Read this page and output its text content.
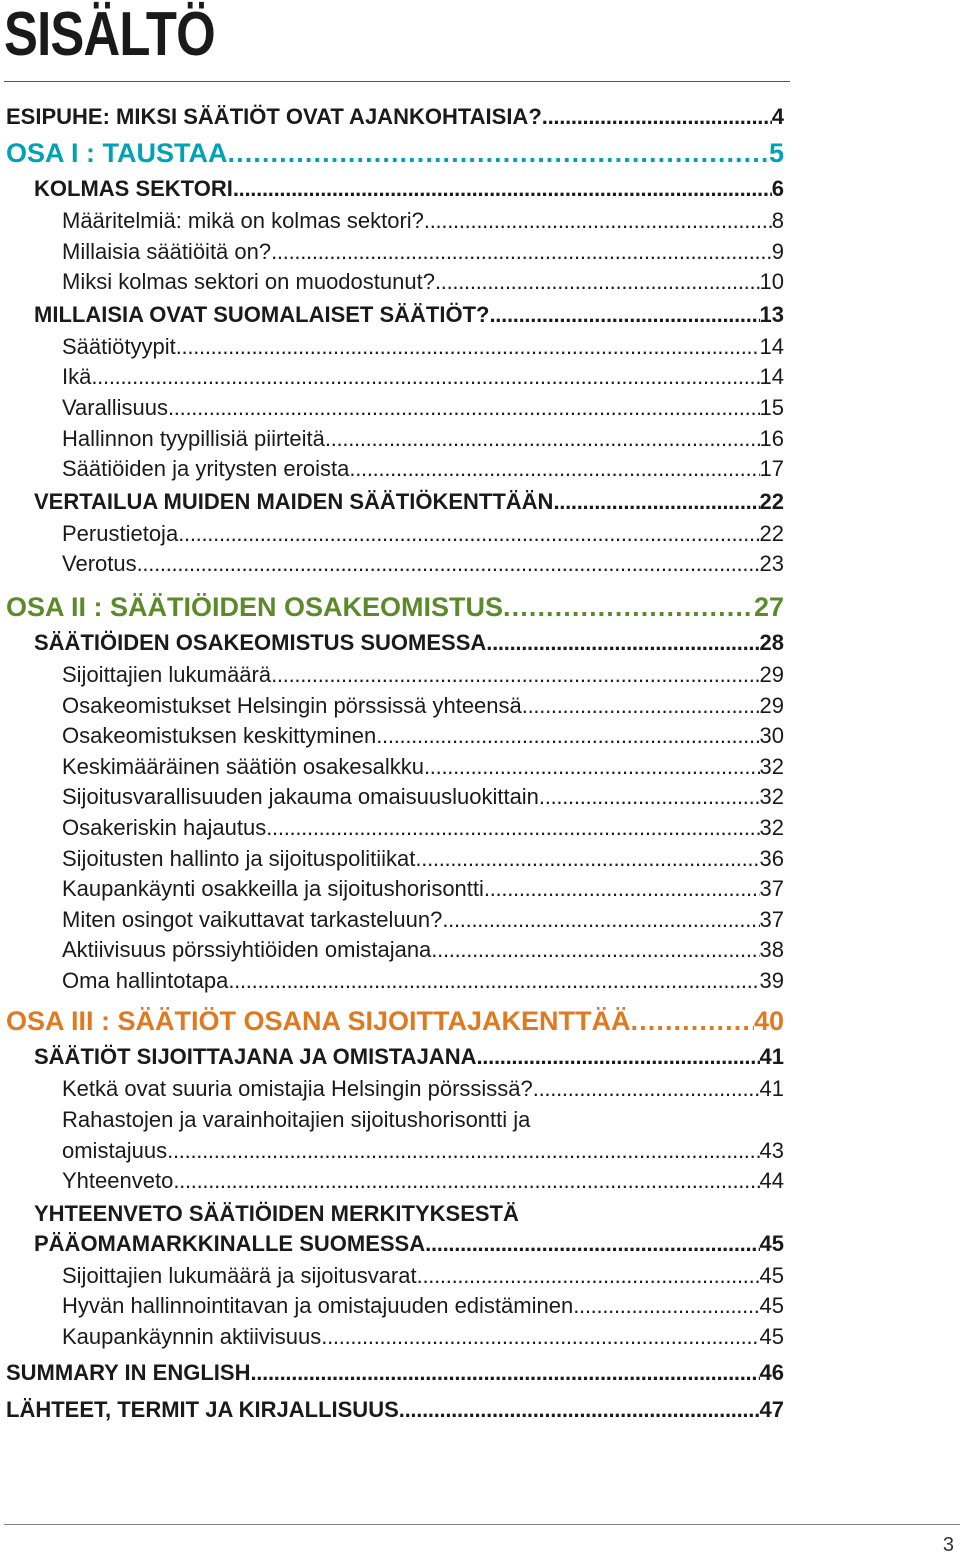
SISÄLTÖ
ESIPUHE: MIKSI SÄÄTIÖT OVAT AJANKOHTAISIA? . . .	4
OSA I : TAUSTAA . . .	5
KOLMAS SEKTORI . . .	6
Määritelmiä: mikä on kolmas sektori? . . .	8
Millaisia säätiöitä on? . . .	9
Miksi kolmas sektori on muodostunut? . . .	10
MILLAISIA OVAT SUOMALAISET SÄÄTIÖT? . . .	13
Säätiötyypit . . .	14
Ikä . . .	14
Varallisuus . . .	15
Hallinnon tyypillisiä piirteitä . . .	16
Säätiöiden ja yritysten eroista . . .	17
VERTAILUA MUIDEN MAIDEN SÄÄTIÖKENTTÄÄN . . .	22
Perustietoja . . .	22
Verotus . . .	23
OSA II : SÄÄTIÖIDEN OSAKEOMISTUS . . .	27
SÄÄTIÖIDEN OSAKEOMISTUS SUOMESSA . . .	28
Sijoittajien lukumäärä . . .	29
Osakeomistukset Helsingin pörssissä yhteensä . . .	29
Osakeomistuksen keskittyminen . . .	30
Keskimääräinen säätiön osakesalkku . . .	32
Sijoitusvarallisuuden jakauma omaisuusluokittain . . .	32
Osakeriskin hajautus . . .	32
Sijoitusten hallinto ja sijoituspolitiikat . . .	36
Kaupankäynti osakkeilla ja sijoitushorisontti . . .	37
Miten osingot vaikuttavat tarkasteluun? . . .	37
Aktiivisuus pörssiyhtiöiden omistajana . . .	38
Oma hallintotapa . . .	39
OSA III : SÄÄTIÖT OSANA SIJOITTAJAKENTTÄÄ . . .	40
SÄÄTIÖT SIJOITTAJANA JA OMISTAJANA . . .	41
Ketkä ovat suuria omistajia Helsingin pörssissä? . . .	41
Rahastojen ja varainhoitajien sijoitushorisontti ja
omistajuus . . .	43
Yhteenveto . . .	44
YHTEENVETO SÄÄTIÖIDEN MERKITYKSESTÄ
PÄÄOMAMARKKINALLE SUOMESSA . . .	45
Sijoittajien lukumäärä ja sijoitusvarat . . .	45
Hyvän hallinnointitavan ja omistajuuden edistäminen . . .	45
Kaupankäynnin aktiivisuus . . .	45
SUMMARY IN ENGLISH . . .	46
LÄHTEET, TERMIT JA KIRJALLISUUS . . .	47
3
